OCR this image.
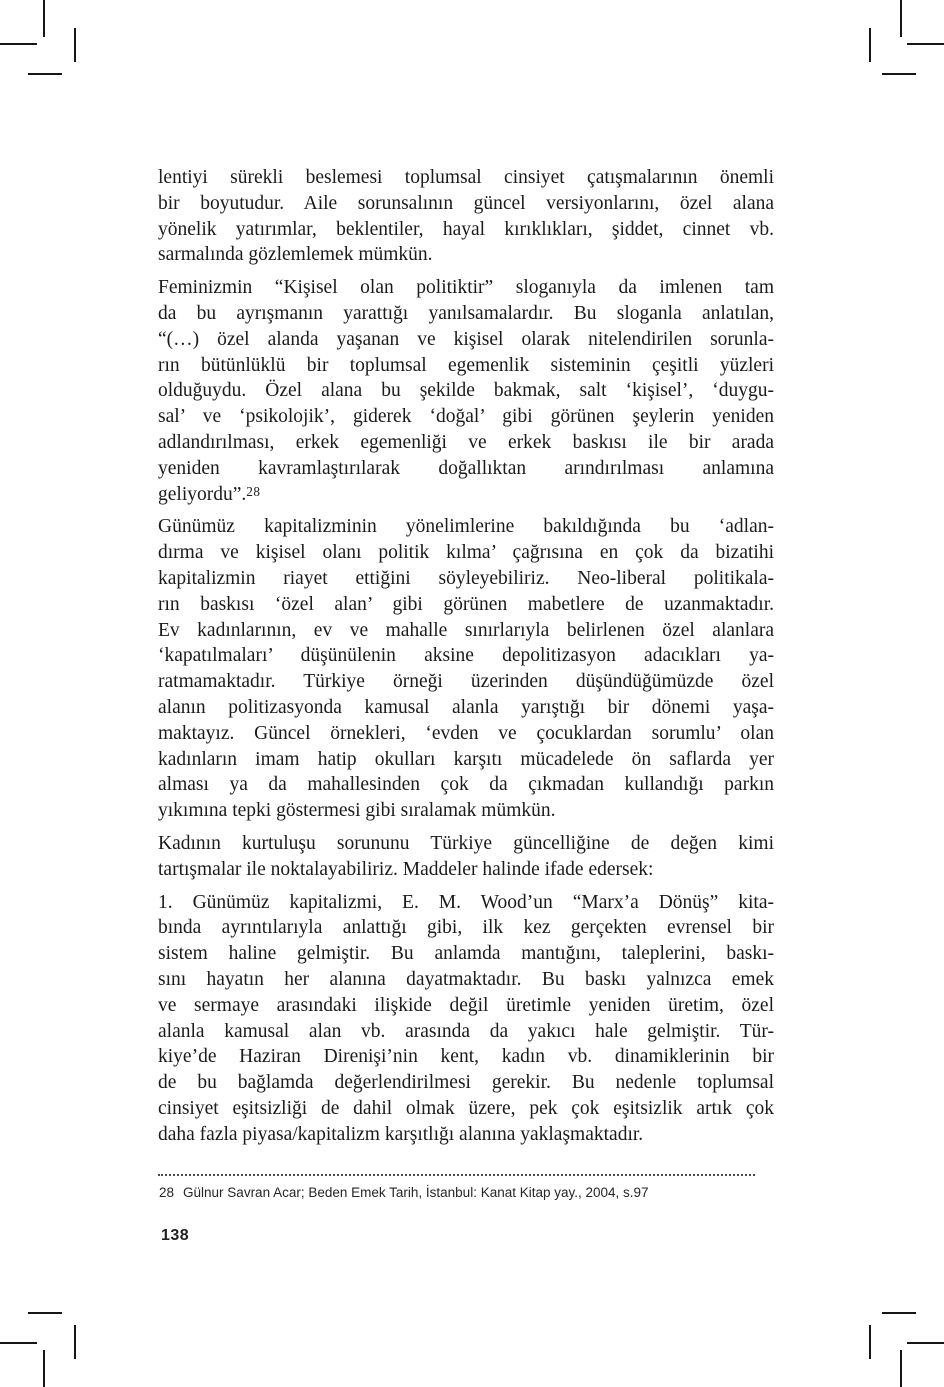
lentiyi sürekli beslemesi toplumsal cinsiyet çatışmalarının önemli
bir boyutudur. Aile sorunsalının güncel versiyonlarını, özel alana
yönelik yatırımlar, beklentiler, hayal kırıklıkları, şiddet, cinnet vb.
sarmalında gözlemlemek mümkün.
Feminizmin “Kişisel olan politiktir” sloganıyla da imlenen tam
da bu ayrışmanın yarattığı yanılsamalardır. Bu sloganla anlatılan,
“(…) özel alanda yaşanan ve kişisel olarak nitelendirilen sorunla-
rın bütünlüklü bir toplumsal egemenlik sisteminin çeşitli yüzleri
olduğuydu. Özel alana bu şekilde bakmak, salt ‘kişisel’, ‘duygu-
sal’ ve ‘psikolojik’, giderek ‘doğal’ gibi görünen şeylerin yeniden
adlandırılması, erkek egemenliği ve erkek baskısı ile bir arada
yeniden kavramlaştırılarak doğallıktan arındırılması anlamına
geliyordu”.28
Günümüz kapitalizminin yönelimlerine bakıldığında bu ‘adlan-
dırma ve kişisel olanı politik kılma’ çağrısına en çok da bizatihi
kapitalizmin riayet ettiğini söyleyebiliriz. Neo-liberal politikala-
rın baskısı ‘özel alan’ gibi görünen mabetlere de uzanmaktadır.
Ev kadınlarının, ev ve mahalle sınırlarıyla belirlenen özel alanlara
‘kapatılmaları’ düşünülenin aksine depolitizasyon adacıkları ya-
ratmamaktadır. Türkiye örneği üzerinden düşündüğümüzde özel
alanın politizasyonda kamusal alanla yarıştığı bir dönemi yaşa-
maktayız. Güncel örnekleri, ‘evden ve çocuklardan sorumlu’ olan
kadınların imam hatip okulları karşıtı mücadelede ön saflarda yer
alması ya da mahallesinden çok da çıkmadan kullandığı parkın
yıkımına tepki göstermesi gibi sıralamak mümkün.
Kadının kurtuluşu sorununu Türkiye güncelliğine de değen kimi
tartışmalar ile noktalayabiliriz. Maddeler halinde ifade edersek:
1. Günümüz kapitalizmi, E. M. Wood’un “Marx’a Dönüş” kita-
bında ayrıntılarıyla anlattığı gibi, ilk kez gerçekten evrensel bir
sistem haline gelmiştir. Bu anlamda mantığını, taleplerini, baskı-
sını hayatın her alanına dayatmaktadır. Bu baskı yalnızca emek
ve sermaye arasındaki ilişkide değil üretimle yeniden üretim, özel
alanla kamusal alan vb. arasında da yakıcı hale gelmiştir. Tür-
kiye’de Haziran Direnişi’nin kent, kadın vb. dinamiklerinin bir
de bu bağlamda değerlendirilmesi gerekir. Bu nedenle toplumsal
cinsiyet eşitsizliği de dahil olmak üzere, pek çok eşitsizlik artık çok
daha fazla piyasa/kapitalizm karşıtlığı alanına yaklaşmaktadır.
28 Gülnur Savran Acar; Beden Emek Tarih, İstanbul: Kanat Kitap yay., 2004, s.97
138
